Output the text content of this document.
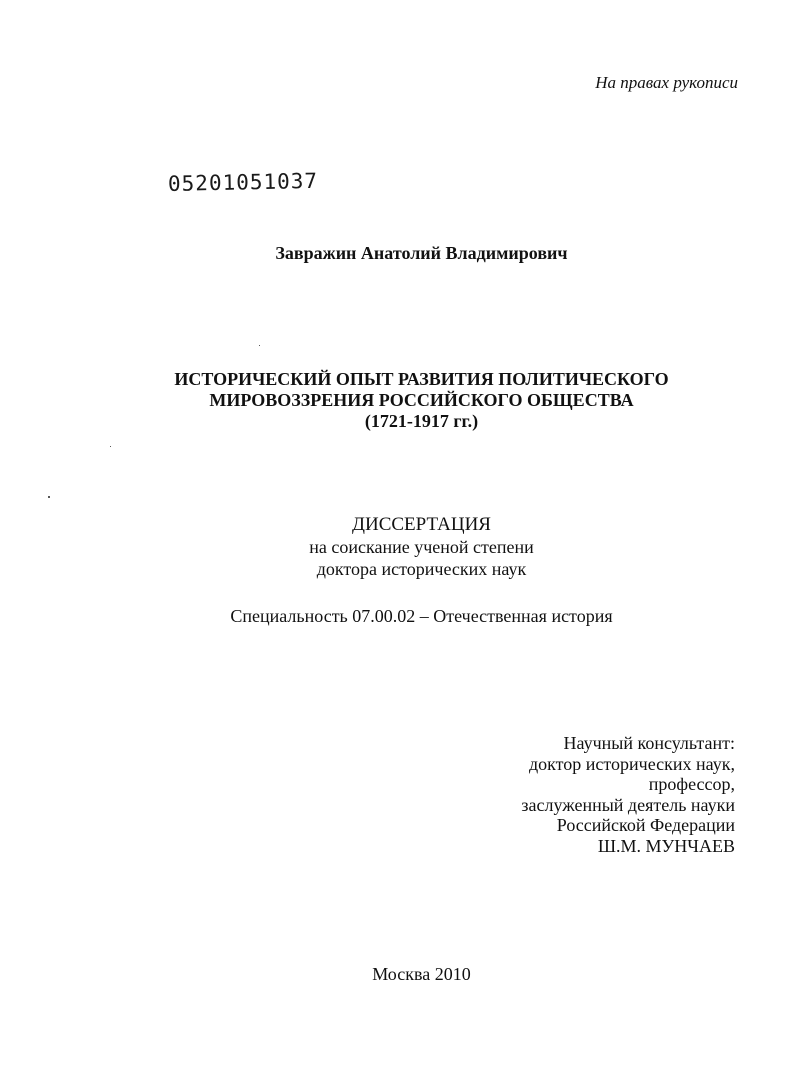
На правах рукописи
05201051037
Завражин Анатолий Владимирович
ИСТОРИЧЕСКИЙ ОПЫТ РАЗВИТИЯ ПОЛИТИЧЕСКОГО
МИРОВОЗЗРЕНИЯ РОССИЙСКОГО ОБЩЕСТВА
(1721-1917 гг.)
ДИССЕРТАЦИЯ
на соискание ученой степени
доктора исторических наук
Специальность 07.00.02 – Отечественная история
Научный консультант:
доктор исторических наук,
профессор,
заслуженный деятель науки
Российской Федерации
Ш.М. МУНЧАЕВ
Москва 2010
